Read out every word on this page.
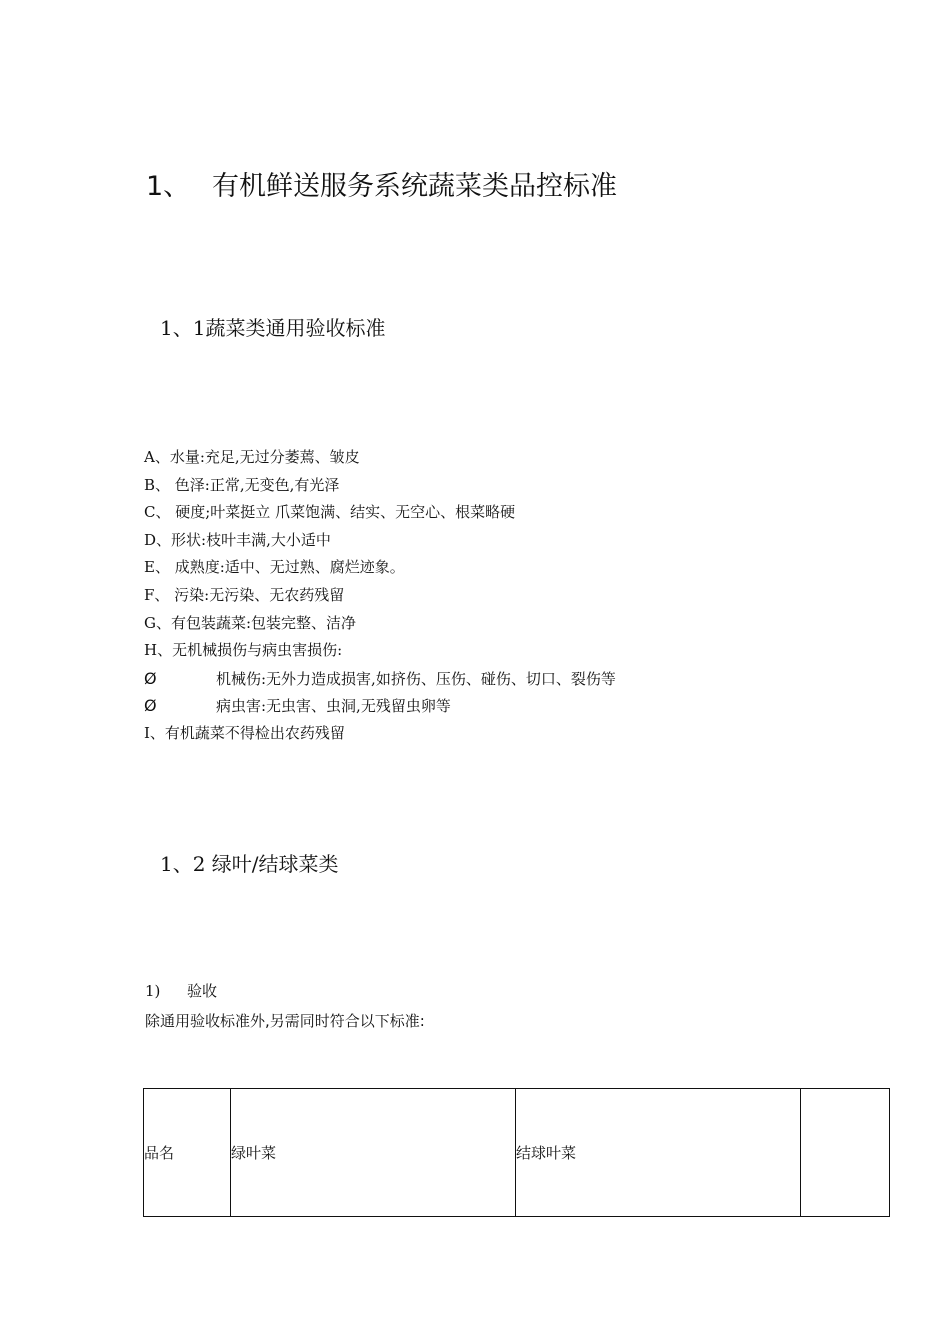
1、 有机鲜送服务系统蔬菜类品控标准
1、1蔬菜类通用验收标准
A、水量:充足,无过分萎蔫、皱皮
B、 色泽:正常,无变色,有光泽
C、 硬度;叶菜挺立 爪菜饱满、结实、无空心、根菜略硬
D、形状:枝叶丰满,大小适中
E、 成熟度:适中、无过熟、腐烂迹象。
F、 污染:无污染、无农药残留
G、有包装蔬菜:包装完整、洁净
H、无机械损伤与病虫害损伤:
Ø	机械伤:无外力造成损害,如挤伤、压伤、碰伤、切口、裂伤等
Ø	病虫害:无虫害、虫洞,无残留虫卵等
I、有机蔬菜不得检出农药残留
1、2 绿叶/结球菜类
1) 验收
除通用验收标准外,另需同时符合以下标准:
品名	绿叶菜	结球叶菜	
